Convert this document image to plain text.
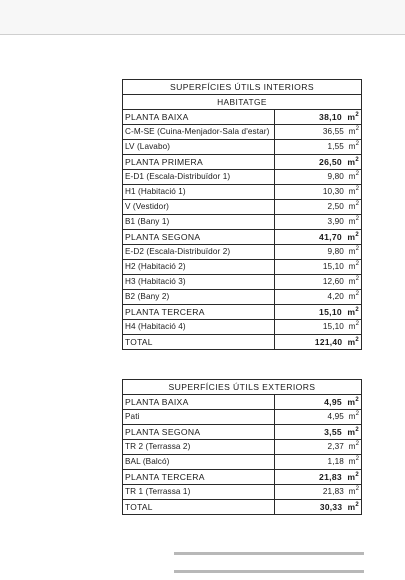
SUPERFÍCIES ÚTILS INTERIORS	
HABITATGE	
PLANTA BAIXA	38,10 $m^2$
C-M-SE (Cuina-Menjador-Sala d'estar)	36,55 $m^2$
LV (Lavabo)	1,55 $m^2$
PLANTA PRIMERA	26,50 $m^2$
E-D1 (Escala-Distribuïdor 1)	9,80 $m^2$
H1 (Habitació 1)	10,30 $m^2$
V (Vestidor)	2,50 $m^2$
B1 (Bany 1)	3,90 $m^2$
PLANTA SEGONA	41,70 $m^2$
E-D2 (Escala-Distribuïdor 2)	9,80 $m^2$
H2 (Habitació 2)	15,10 $m^2$
H3 (Habitació 3)	12,60 $m^2$
B2 (Bany 2)	4,20 $m^2$
PLANTA TERCERA	15,10 $m^2$
H4 (Habitació 4)	15,10 $m^2$
TOTAL	121,40 $m^2$
SUPERFÍCIES ÚTILS EXTERIORS	
PLANTA BAIXA	4,95 $m^2$
Pati	4,95 $m^2$
PLANTA SEGONA	3,55 $m^2$
TR 2 (Terrassa 2)	2,37 $m^2$
BAL (Balcó)	1,18 $m^2$
PLANTA TERCERA	21,83 $m^2$
TR 1 (Terrassa 1)	21,83 $m^2$
TOTAL	30,33 $m^2$
